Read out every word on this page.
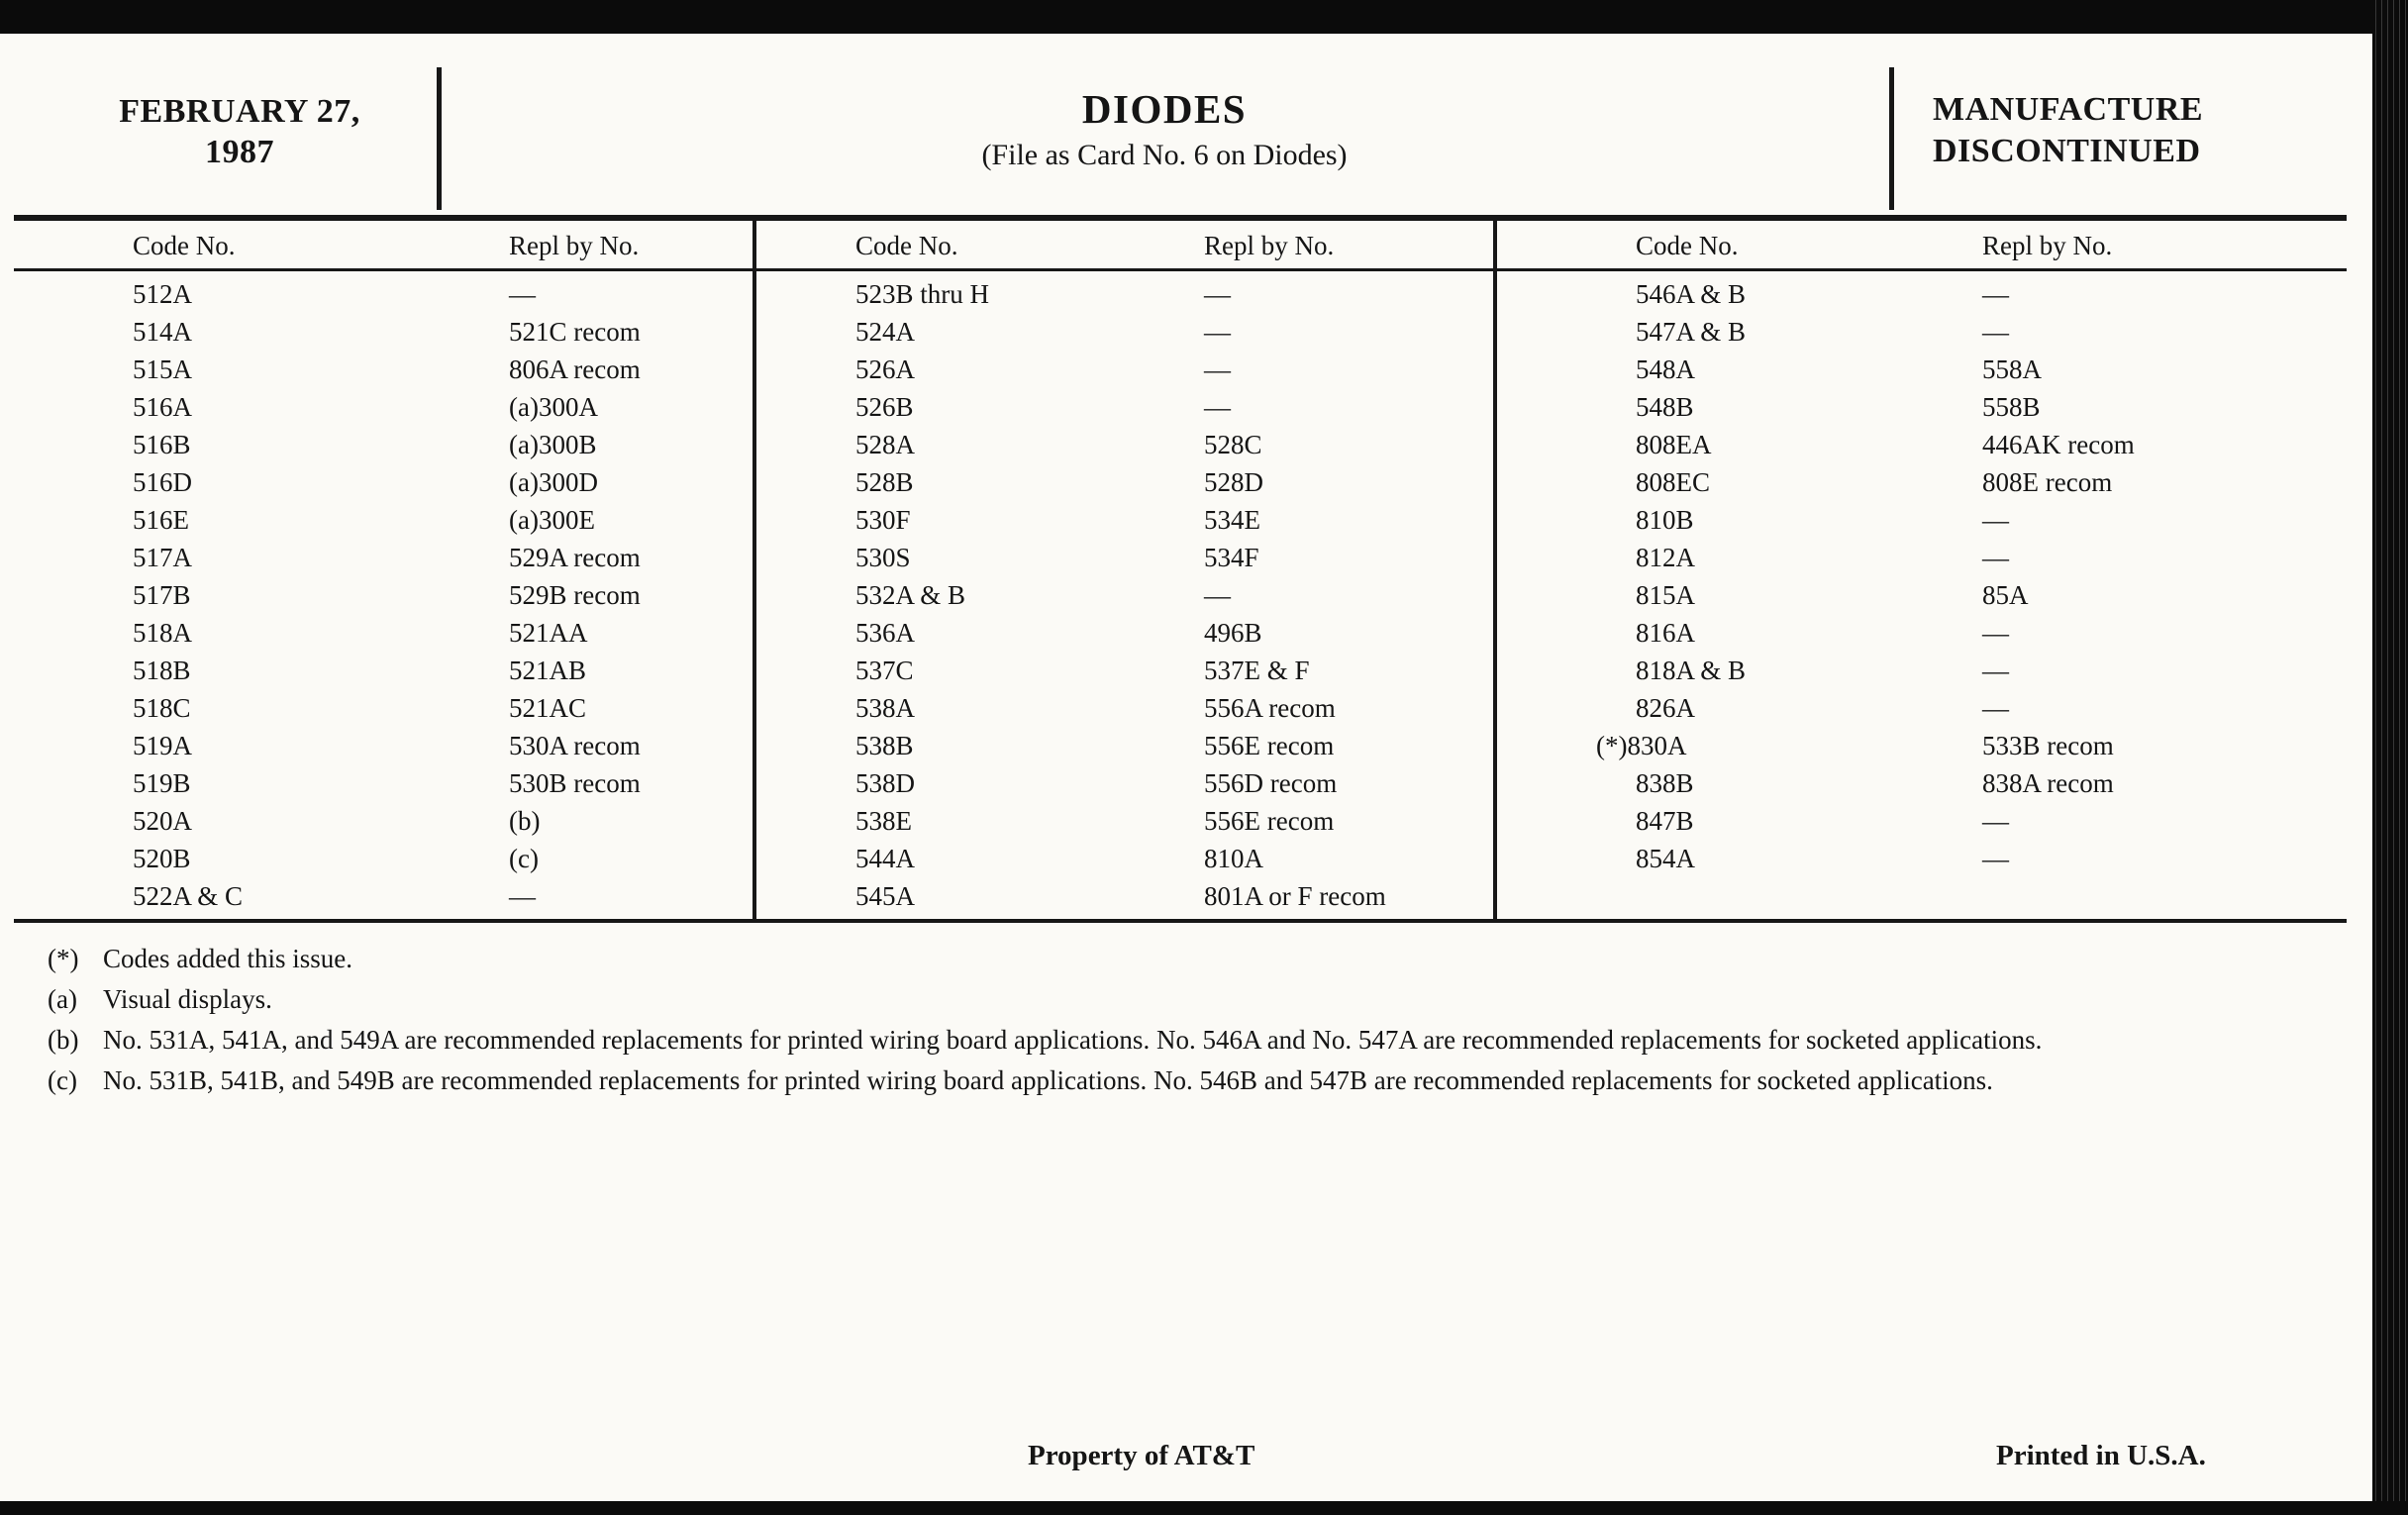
FEBRUARY 27,
1987
DIODES
(File as Card No. 6 on Diodes)
MANUFACTURE
DISCONTINUED
Code No.	Repl by No.
512A	—
514A	521C recom
515A	806A recom
516A	(a)300A
516B	(a)300B
516D	(a)300D
516E	(a)300E
517A	529A recom
517B	529B recom
518A	521AA
518B	521AB
518C	521AC
519A	530A recom
519B	530B recom
520A	(b)
520B	(c)
522A & C	—
Code No.	Repl by No.
523B thru H	—
524A	—
526A	—
526B	—
528A	528C
528B	528D
530F	534E
530S	534F
532A & B	—
536A	496B
537C	537E & F
538A	556A recom
538B	556E recom
538D	556D recom
538E	556E recom
544A	810A
545A	801A or F recom
Code No.	Repl by No.
546A & B	—
547A & B	—
548A	558A
548B	558B
808EA	446AK recom
808EC	808E recom
810B	—
812A	—
815A	85A
816A	—
818A & B	—
826A	—
(*)830A	533B recom
838B	838A recom
847B	—
854A	—
(*) Codes added this issue.
(a) Visual displays.
(b) No. 531A, 541A, and 549A are recommended replacements for printed wiring board applications. No. 546A and No. 547A are recommended replacements for socketed applications.
(c) No. 531B, 541B, and 549B are recommended replacements for printed wiring board applications. No. 546B and 547B are recommended replacements for socketed applications.
Property of AT&T	Printed in U.S.A.
